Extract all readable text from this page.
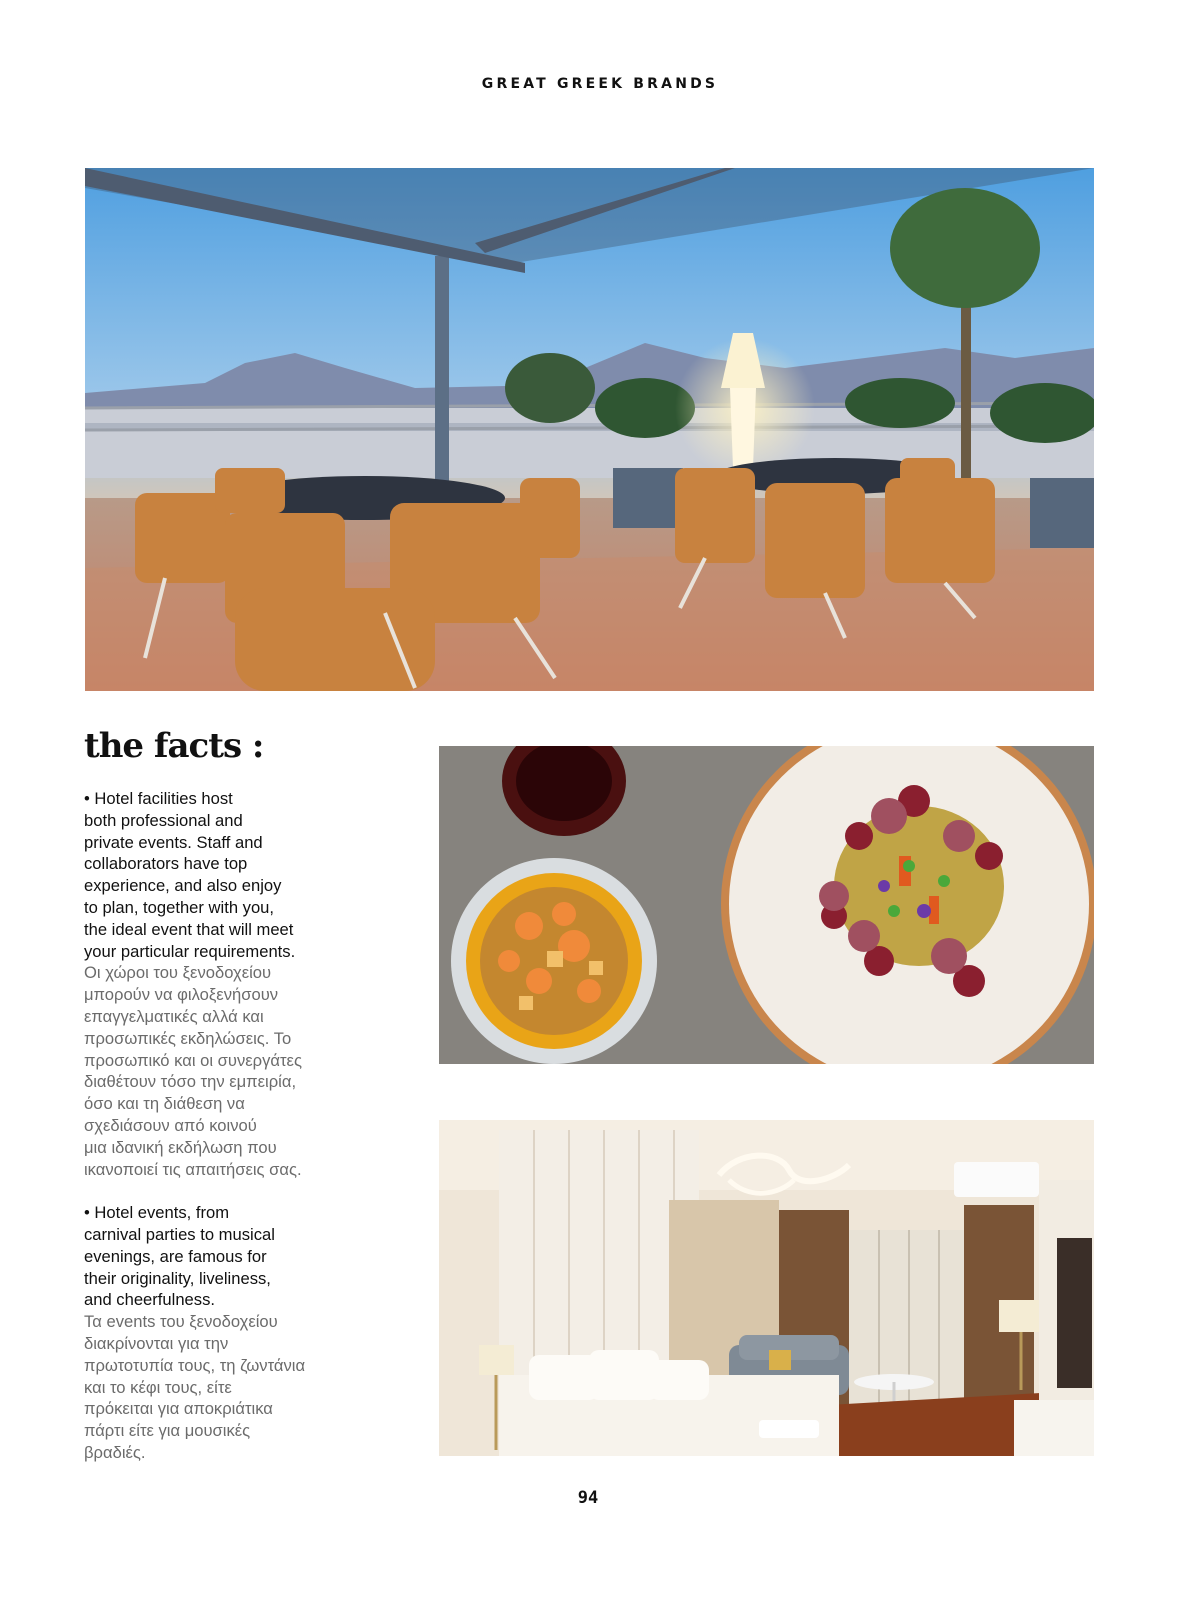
GREAT GREEK BRANDS
the facts :

• Hotel facilities host
both professional and
private events. Staff and
collaborators have top
experience, and also enjoy
to plan, together with you,
the ideal event that will meet
your particular requirements.

Οι χώροι του ξενοδοχείου
μπορούν να φιλοξενήσουν
επαγγελματικές αλλά και
προσωπικές εκδηλώσεις. Το
προσωπικό και οι συνεργάτες
διαθέτουν τόσο την εμπειρία,
όσο και τη διάθεση να
σχεδιάσουν από κοινού
μια ιδανική εκδήλωση που
ικανοποιεί τις απαιτήσεις σας.

• Hotel events, from
carnival parties to musical
evenings, are famous for
their originality, liveliness,
and cheerfulness.

Τα events του ξενοδοχείου
διακρίνονται για την
πρωτοτυπία τους, τη ζωντάνια
και το κέφι τους, είτε
πρόκειται για αποκριάτικα
πάρτι είτε για μουσικές
βραδιές.

94
